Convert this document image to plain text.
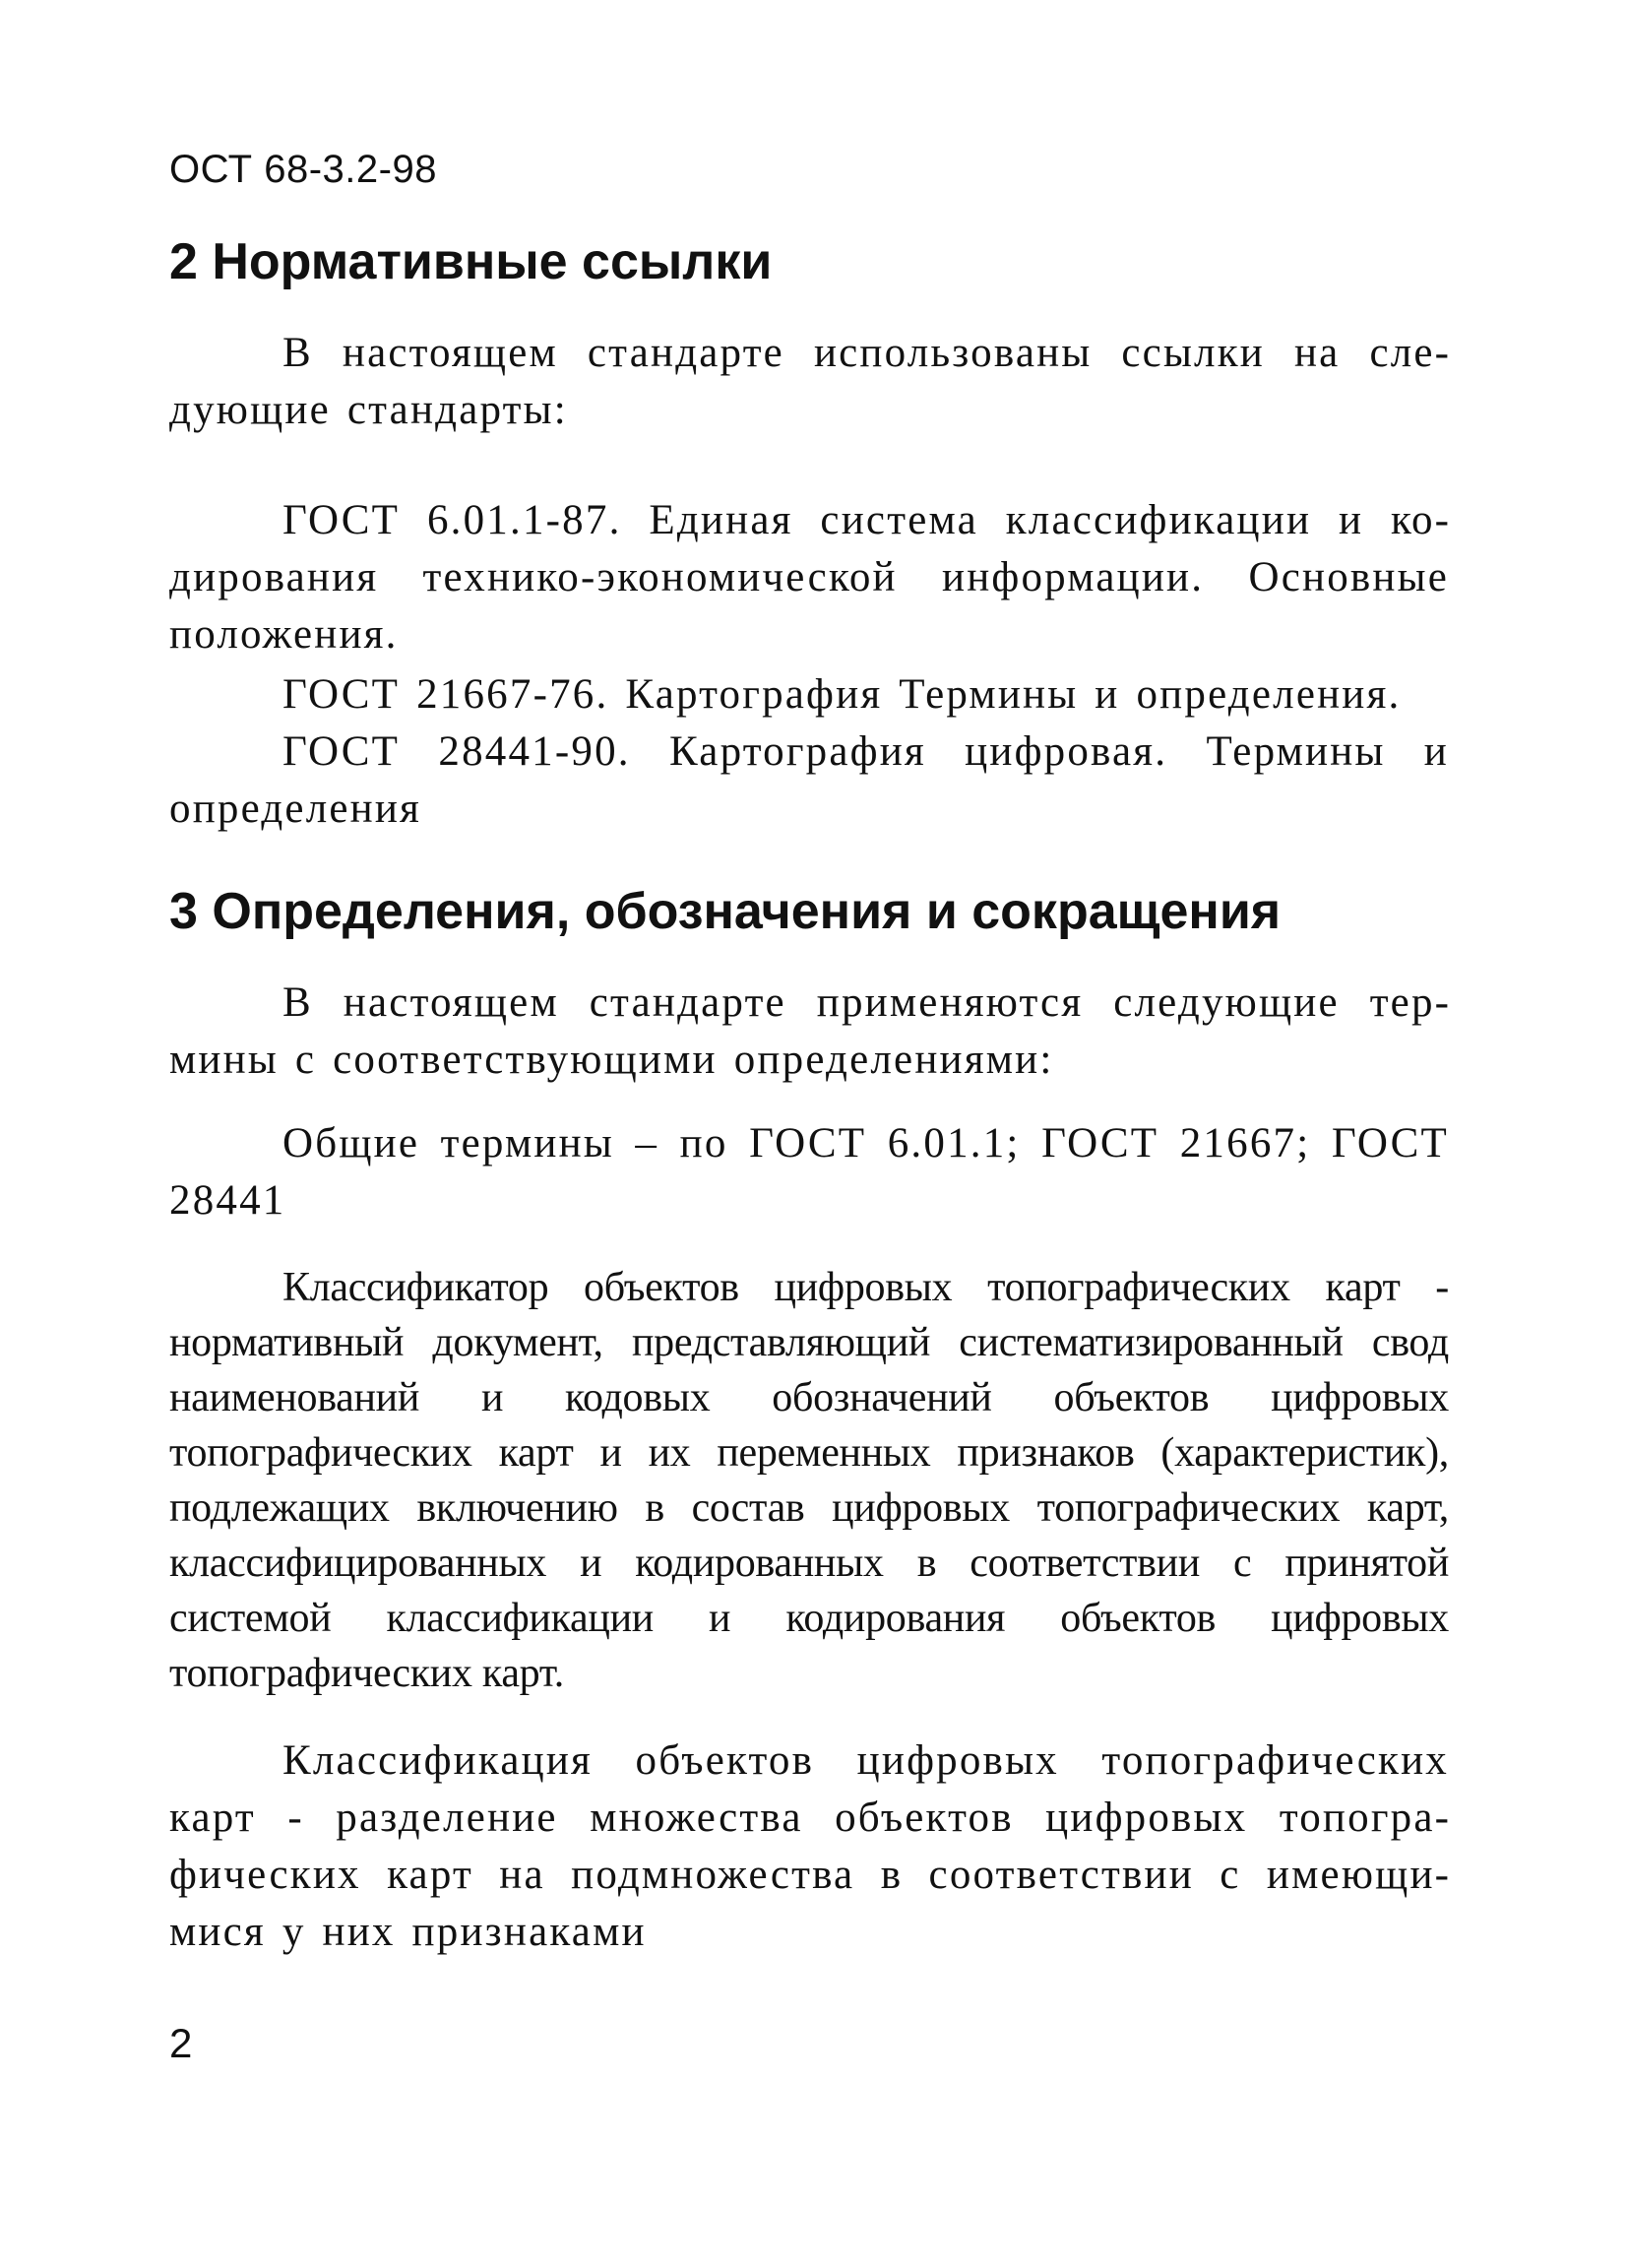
ОСТ 68-3.2-98
2 Нормативные ссылки

В настоящем стандарте использованы ссылки на следующие стандарты:

ГОСТ 6.01.1-87. Единая система классификации и кодирования технико-экономической информации. Основные положения.

ГОСТ 21667-76. Картография Термины и определения.

ГОСТ 28441-90. Картография цифровая. Термины и определения

3 Определения, обозначения и сокращения

В настоящем стандарте применяются следующие термины с соответствующими определениями:

Общие термины – по ГОСТ 6.01.1; ГОСТ 21667; ГОСТ 28441

Классификатор объектов цифровых топографических карт - нормативный документ, представляющий систематизированный свод наименований и кодовых обозначений объектов цифровых топографических карт и их переменных признаков (характеристик), подлежащих включению в состав цифровых топографических карт, классифицированных и кодированных в соответствии с принятой системой классификации и кодирования объектов цифровых топографических карт.

Классификация объектов цифровых топографических карт - разделение множества объектов цифровых топографических карт на подмножества в соответствии с имеющимися у них признаками

2
